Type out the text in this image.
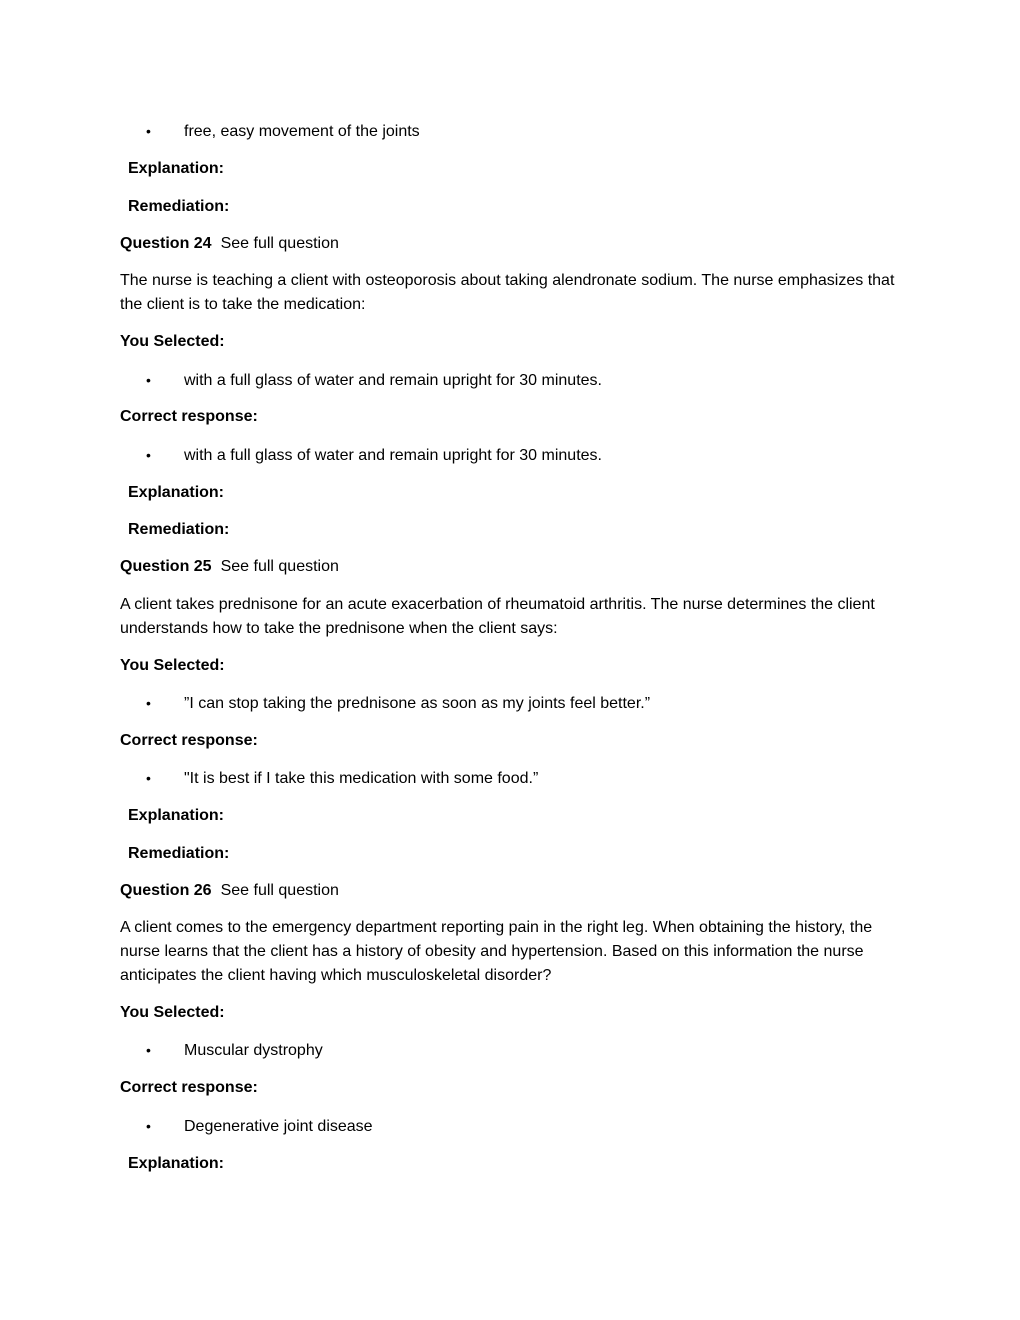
• free, easy movement of the joints
Explanation:
Remediation:
Question 24 See full question
The nurse is teaching a client with osteoporosis about taking alendronate sodium. The nurse emphasizes that the client is to take the medication:
You Selected:
• with a full glass of water and remain upright for 30 minutes.
Correct response:
• with a full glass of water and remain upright for 30 minutes.
Explanation:
Remediation:
Question 25 See full question
A client takes prednisone for an acute exacerbation of rheumatoid arthritis. The nurse determines the client understands how to take the prednisone when the client says:
You Selected:
• ”I can stop taking the prednisone as soon as my joints feel better.”
Correct response:
• "It is best if I take this medication with some food.”
Explanation:
Remediation:
Question 26 See full question
A client comes to the emergency department reporting pain in the right leg. When obtaining the history, the nurse learns that the client has a history of obesity and hypertension. Based on this information the nurse anticipates the client having which musculoskeletal disorder?
You Selected:
• Muscular dystrophy
Correct response:
• Degenerative joint disease
Explanation:
